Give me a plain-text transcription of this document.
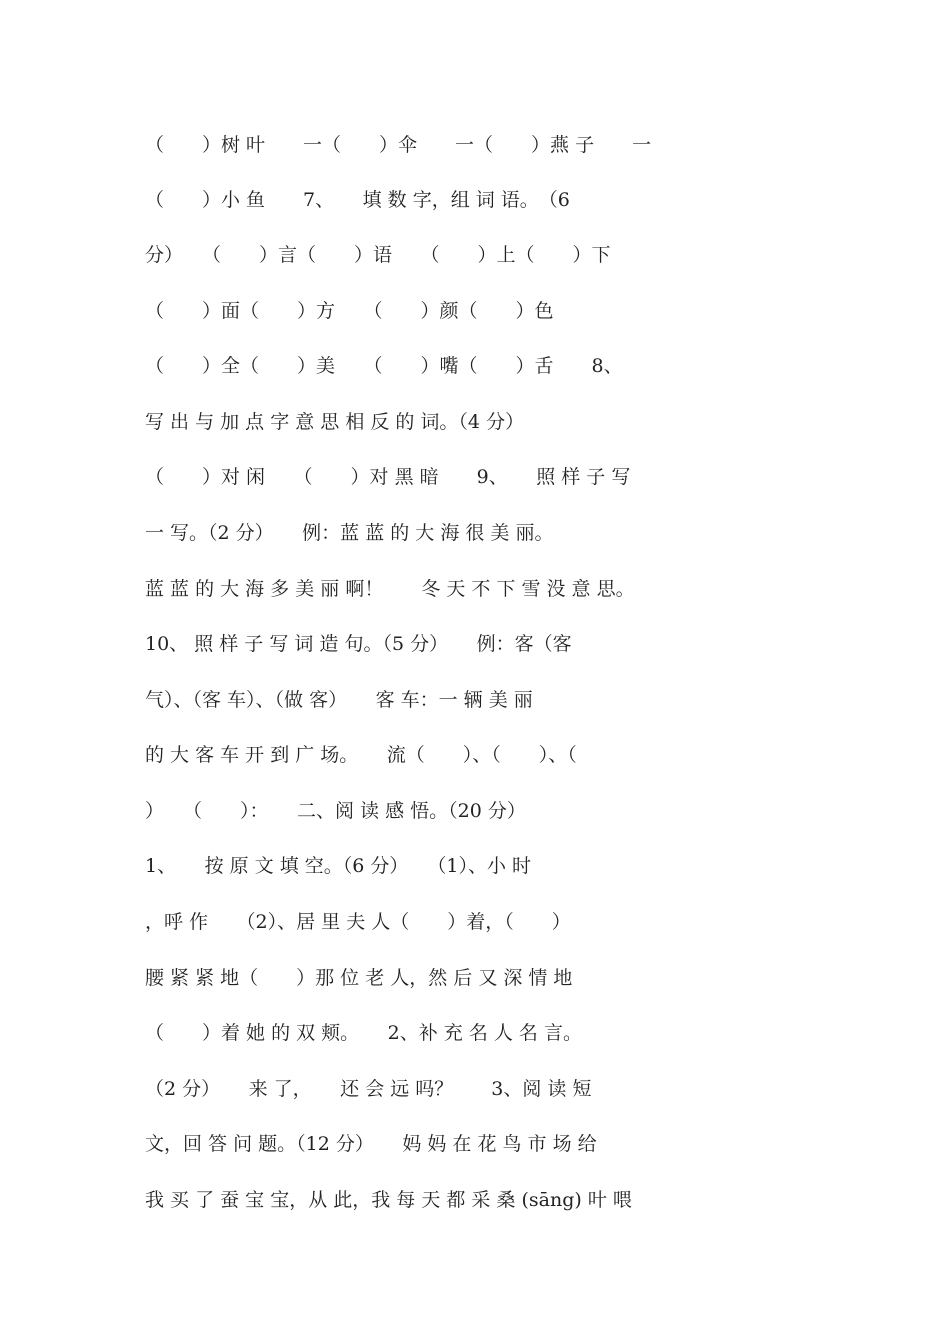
（　　）树 叶　　一（　　）伞　　一（　　）燕 子　　一
（　　）小 鱼　　7、　　填 数 字，组 词 语。　（6
分）　　（　　）言（　　）语　　（　　）上（　　）下
（　　）面（　　）方　　（　　）颜（　　）色
（　　）全（　　）美　　（　　）嘴（　　）舌　　8、
写 出 与 加 点 字 意 思 相 反 的 词。（4 分）
（　　）对 闲　　（　　）对 黑 暗　　9、　　照 样 子 写
一 写。（2 分）　　例：蓝 蓝 的 大 海 很 美 丽。
蓝 蓝 的 大 海 多 美 丽 啊！　　冬 天 不 下 雪 没 意 思。
10、 照 样 子 写 词 造 句。（5 分）　　例：客（客
气）、（客 车）、（做 客）　　客 车：一 辆 美 丽
的 大 客 车 开 到 广 场。　　流（　　）、（　　）、（
）　　（　　）：　　二、阅 读 感 悟。（20 分）
1、　　按 原 文 填 空。（6 分）　　（1）、小 时
，呼 作　　（2）、居 里 夫 人（　　）着，（　　）
腰 紧 紧 地（　　）那 位 老 人，然 后 又 深 情 地
（　　）着 她 的 双 颊。　　2、补 充 名 人 名 言。
（2 分）　　来 了，　　还 会 远 吗？　　3、阅 读 短
文，回 答 问 题。（12 分）　　妈 妈 在 花 鸟 市 场 给
我 买 了 蚕 宝 宝，从 此，我 每 天 都 采 桑 (sāng) 叶 喂
